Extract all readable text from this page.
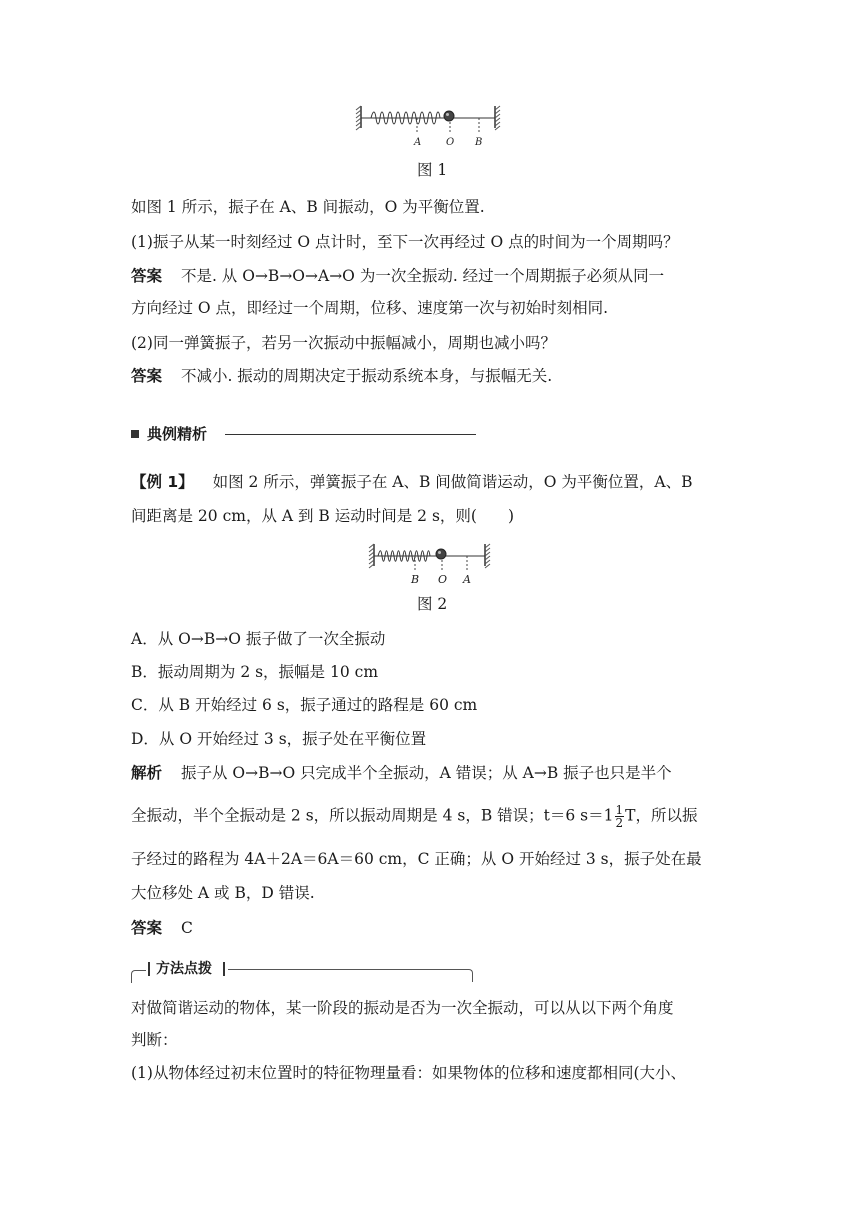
A O B
图 1
如图 1 所示，振子在 A、B 间振动，O 为平衡位置.
(1)振子从某一时刻经过 O 点计时，至下一次再经过 O 点的时间为一个周期吗？
答案 不是. 从 O→B→O→A→O 为一次全振动. 经过一个周期振子必须从同一
方向经过 O 点，即经过一个周期，位移、速度第一次与初始时刻相同.
(2)同一弹簧振子，若另一次振动中振幅减小，周期也减小吗？
答案 不减小. 振动的周期决定于振动系统本身，与振幅无关.
典例精析
【例 1】 如图 2 所示，弹簧振子在 A、B 间做简谐运动，O 为平衡位置，A、B
间距离是 20 cm，从 A 到 B 运动时间是 2 s，则(　　)
B O A
图 2
A．从 O→B→O 振子做了一次全振动
B．振动周期为 2 s，振幅是 10 cm
C．从 B 开始经过 6 s，振子通过的路程是 60 cm
D．从 O 开始经过 3 s，振子处在平衡位置
解析 振子从 O→B→O 只完成半个全振动，A 错误；从 A→B 振子也只是半个
全振动，半个全振动是 2 s，所以振动周期是 4 s，B 错误；t＝6 $s=1 \frac{1}{2}$ T，所以振
子经过的路程为 4A＋2A＝6A＝60 cm，C 正确；从 O 开始经过 3 s，振子处在最
大位移处 A 或 B，D 错误.
答案 C
方法点拨
对做简谐运动的物体，某一阶段的振动是否为一次全振动，可以从以下两个角度
判断：
(1)从物体经过初末位置时的特征物理量看：如果物体的位移和速度都相同(大小、
